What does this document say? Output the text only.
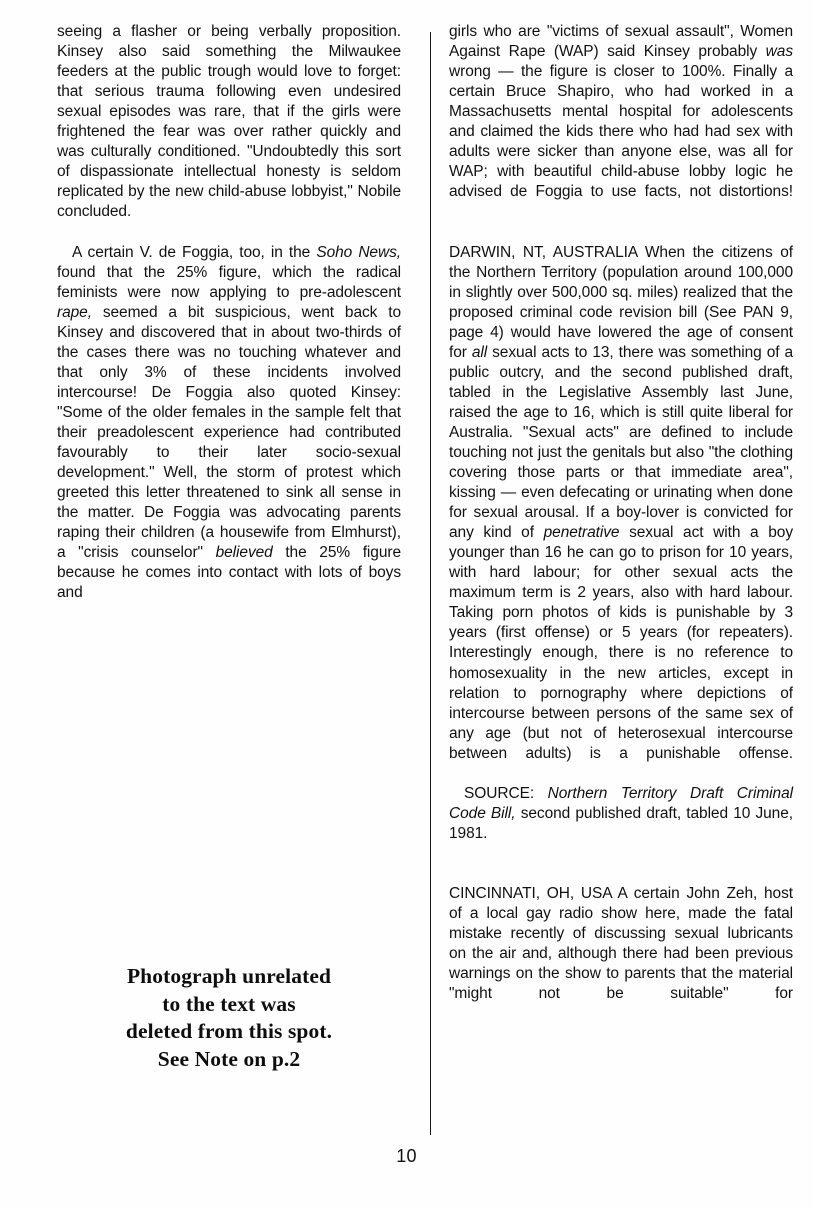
seeing a flasher or being verbally proposition. Kinsey also said something the Milwaukee feeders at the public trough would love to forget: that serious trauma following even undesired sexual episodes was rare, that if the girls were frightened the fear was over rather quickly and was culturally conditioned. "Undoubtedly this sort of dispassionate intellectual honesty is seldom replicated by the new child-abuse lobbyist," Nobile concluded.

A certain V. de Foggia, too, in the Soho News, found that the 25% figure, which the radical feminists were now applying to pre-adolescent rape, seemed a bit suspicious, went back to Kinsey and discovered that in about two-thirds of the cases there was no touching whatever and that only 3% of these incidents involved intercourse! De Foggia also quoted Kinsey: "Some of the older females in the sample felt that their preadolescent experience had contributed favourably to their later socio-sexual development." Well, the storm of protest which greeted this letter threatened to sink all sense in the matter. De Foggia was advocating parents raping their children (a housewife from Elmhurst), a "crisis counselor" believed the 25% figure because he comes into contact with lots of boys and

girls who are "victims of sexual assault", Women Against Rape (WAP) said Kinsey probably was wrong — the figure is closer to 100%. Finally a certain Bruce Shapiro, who had worked in a Massachusetts mental hospital for adolescents and claimed the kids there who had had sex with adults were sicker than anyone else, was all for WAP; with beautiful child-abuse lobby logic he advised de Foggia to use facts, not distortions!

DARWIN, NT, AUSTRALIA When the citizens of the Northern Territory (population around 100,000 in slightly over 500,000 sq. miles) realized that the proposed criminal code revision bill (See PAN 9, page 4) would have lowered the age of consent for all sexual acts to 13, there was something of a public outcry, and the second published draft, tabled in the Legislative Assembly last June, raised the age to 16, which is still quite liberal for Australia. "Sexual acts" are defined to include touching not just the genitals but also "the clothing covering those parts or that immediate area", kissing — even defecating or urinating when done for sexual arousal. If a boy-lover is convicted for any kind of penetrative sexual act with a boy younger than 16 he can go to prison for 10 years, with hard labour; for other sexual acts the maximum term is 2 years, also with hard labour. Taking porn photos of kids is punishable by 3 years (first offense) or 5 years (for repeaters). Interestingly enough, there is no reference to homosexuality in the new articles, except in relation to pornography where depictions of intercourse between persons of the same sex of any age (but not of heterosexual intercourse between adults) is a punishable offense.

SOURCE: Northern Territory Draft Criminal Code Bill, second published draft, tabled 10 June, 1981.

CINCINNATI, OH, USA A certain John Zeh, host of a local gay radio show here, made the fatal mistake recently of discussing sexual lubricants on the air and, although there had been previous warnings on the show to parents that the material "might not be suitable" for

Photograph unrelated
to the text was
deleted from this spot.
See Note on p.2
10
